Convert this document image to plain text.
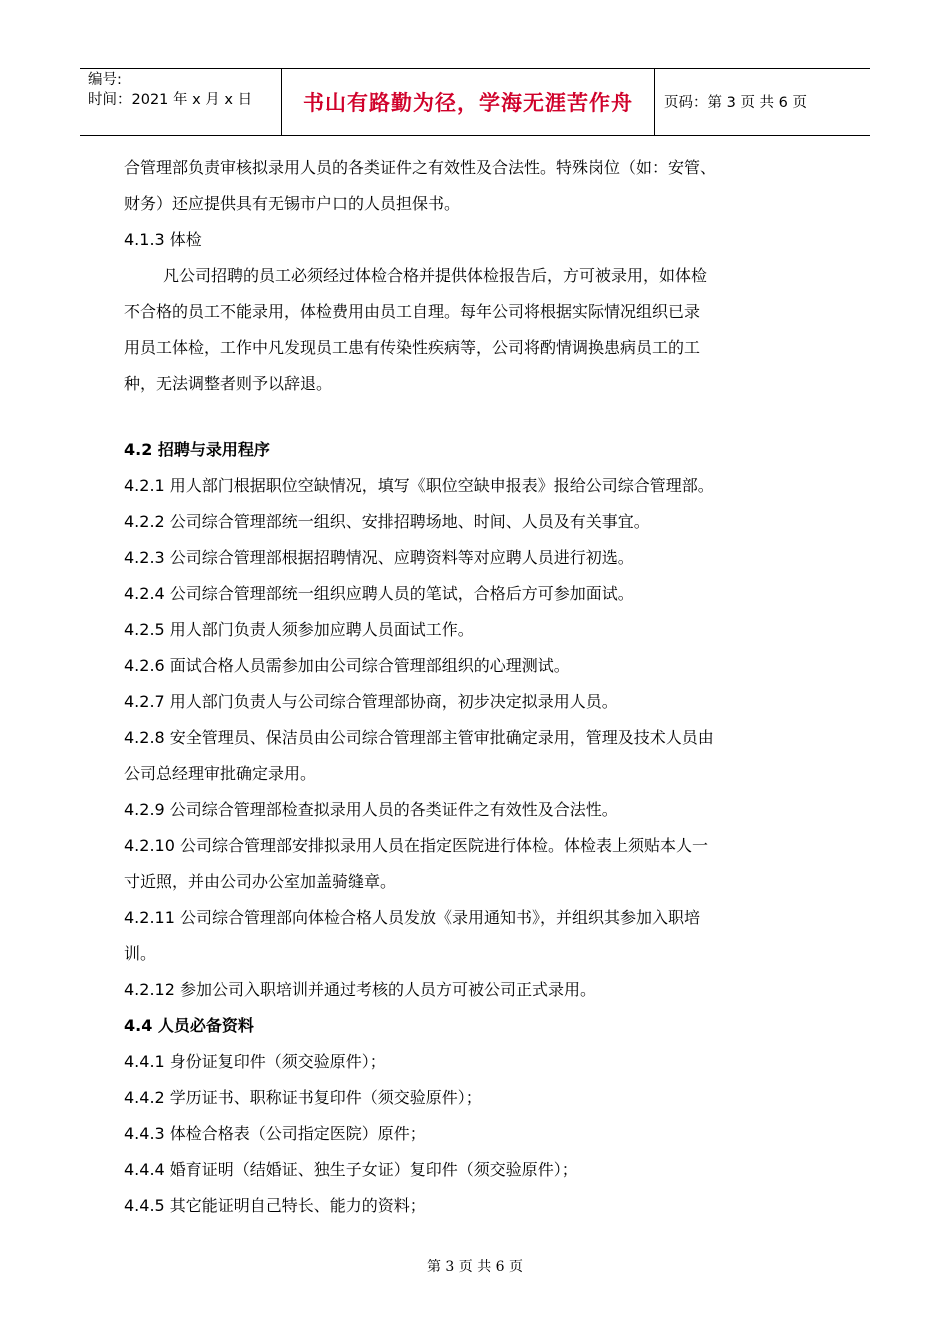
编号:
时间：2021 年 x 月 x 日	书山有路勤为径，学海无涯苦作舟	页码：第 3 页 共 6 页
合管理部负责审核拟录用人员的各类证件之有效性及合法性。特殊岗位（如：安管、
财务）还应提供具有无锡市户口的人员担保书。
4.1.3 体检
凡公司招聘的员工必须经过体检合格并提供体检报告后，方可被录用，如体检
不合格的员工不能录用，体检费用由员工自理。每年公司将根据实际情况组织已录
用员工体检，工作中凡发现员工患有传染性疾病等，公司将酌情调换患病员工的工
种，无法调整者则予以辞退。
4.2 招聘与录用程序
4.2.1 用人部门根据职位空缺情况，填写《职位空缺申报表》报给公司综合管理部。
4.2.2 公司综合管理部统一组织、安排招聘场地、时间、人员及有关事宜。
4.2.3 公司综合管理部根据招聘情况、应聘资料等对应聘人员进行初选。
4.2.4 公司综合管理部统一组织应聘人员的笔试，合格后方可参加面试。
4.2.5 用人部门负责人须参加应聘人员面试工作。
4.2.6 面试合格人员需参加由公司综合管理部组织的心理测试。
4.2.7 用人部门负责人与公司综合管理部协商，初步决定拟录用人员。
4.2.8 安全管理员、保洁员由公司综合管理部主管审批确定录用，管理及技术人员由
公司总经理审批确定录用。
4.2.9 公司综合管理部检查拟录用人员的各类证件之有效性及合法性。
4.2.10 公司综合管理部安排拟录用人员在指定医院进行体检。体检表上须贴本人一
寸近照，并由公司办公室加盖骑缝章。
4.2.11 公司综合管理部向体检合格人员发放《录用通知书》，并组织其参加入职培
训。
4.2.12 参加公司入职培训并通过考核的人员方可被公司正式录用。
4.4 人员必备资料
4.4.1 身份证复印件（须交验原件）；
4.4.2 学历证书、职称证书复印件（须交验原件）；
4.4.3 体检合格表（公司指定医院）原件；
4.4.4 婚育证明（结婚证、独生子女证）复印件（须交验原件）；
4.4.5 其它能证明自己特长、能力的资料；
第 3 页 共 6 页
